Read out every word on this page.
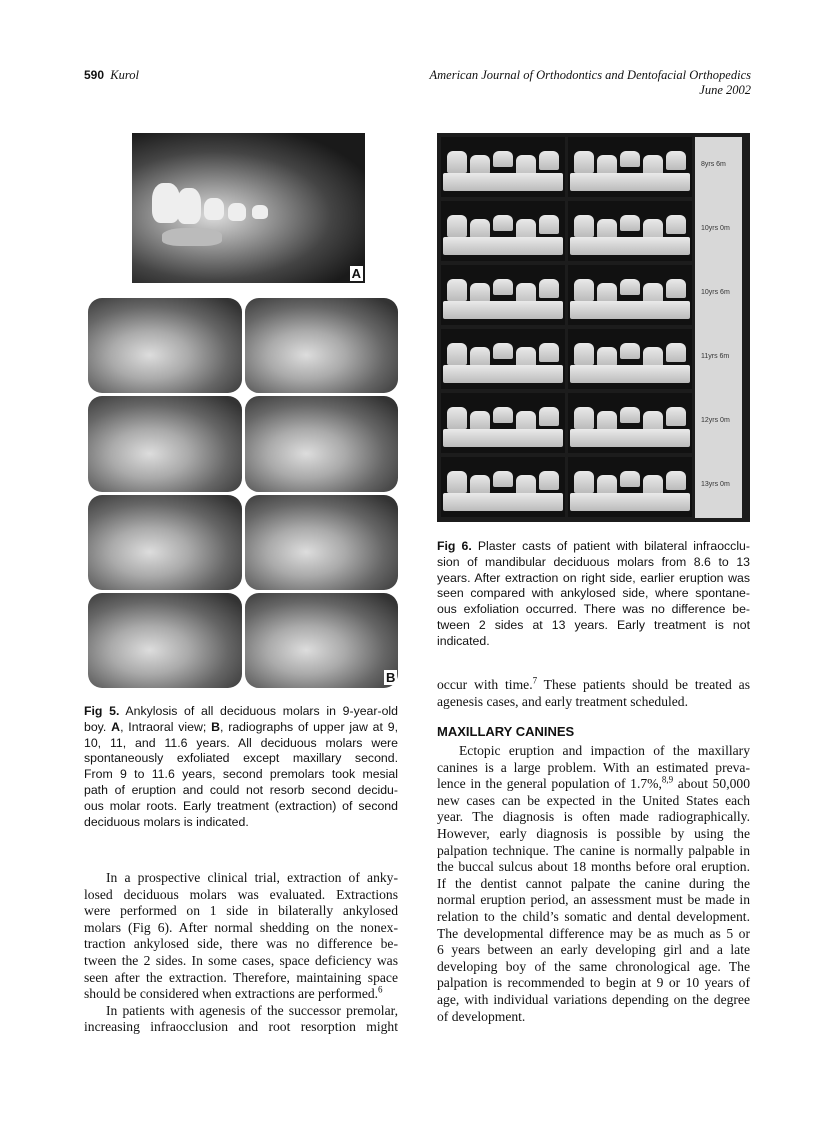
590 Kurol	American Journal of Orthodontics and Dentofacial Orthopedics
June 2002
A
B
8yrs 6m
10yrs 0m
10yrs 6m
11yrs 6m
12yrs 0m
13yrs 0m
Fig 5. Ankylosis of all deciduous molars in 9-year-old
boy. A, Intraoral view; B, radiographs of upper jaw at 9,
10, 11, and 11.6 years. All deciduous molars were
spontaneously exfoliated except maxillary second.
From 9 to 11.6 years, second premolars took mesial
path of eruption and could not resorb second decidu-
ous molar roots. Early treatment (extraction) of second
deciduous molars is indicated.
Fig 6. Plaster casts of patient with bilateral infraocclu-
sion of mandibular deciduous molars from 8.6 to 13
years. After extraction on right side, earlier eruption was
seen compared with ankylosed side, where spontane-
ous exfoliation occurred. There was no difference be-
tween 2 sides at 13 years. Early treatment is not
indicated.
In a prospective clinical trial, extraction of anky-
losed deciduous molars was evaluated. Extractions
were performed on 1 side in bilaterally ankylosed
molars (Fig 6). After normal shedding on the nonex-
traction ankylosed side, there was no difference be-
tween the 2 sides. In some cases, space deficiency was
seen after the extraction. Therefore, maintaining space
should be considered when extractions are performed.$^6$
In patients with agenesis of the successor premolar,
increasing infraocclusion and root resorption might
occur with time.$^7$ These patients should be treated as
agenesis cases, and early treatment scheduled.
MAXILLARY CANINES
Ectopic eruption and impaction of the maxillary
canines is a large problem. With an estimated preva-
lence in the general population of 1.7%,$^{8,9}$ about 50,000
new cases can be expected in the United States each
year. The diagnosis is often made radiographically.
However, early diagnosis is possible by using the
palpation technique. The canine is normally palpable in
the buccal sulcus about 18 months before oral eruption.
If the dentist cannot palpate the canine during the
normal eruption period, an assessment must be made in
relation to the child’s somatic and dental development.
The developmental difference may be as much as 5 or
6 years between an early developing girl and a late
developing boy of the same chronological age. The
palpation is recommended to begin at 9 or 10 years of
age, with individual variations depending on the degree
of development.
